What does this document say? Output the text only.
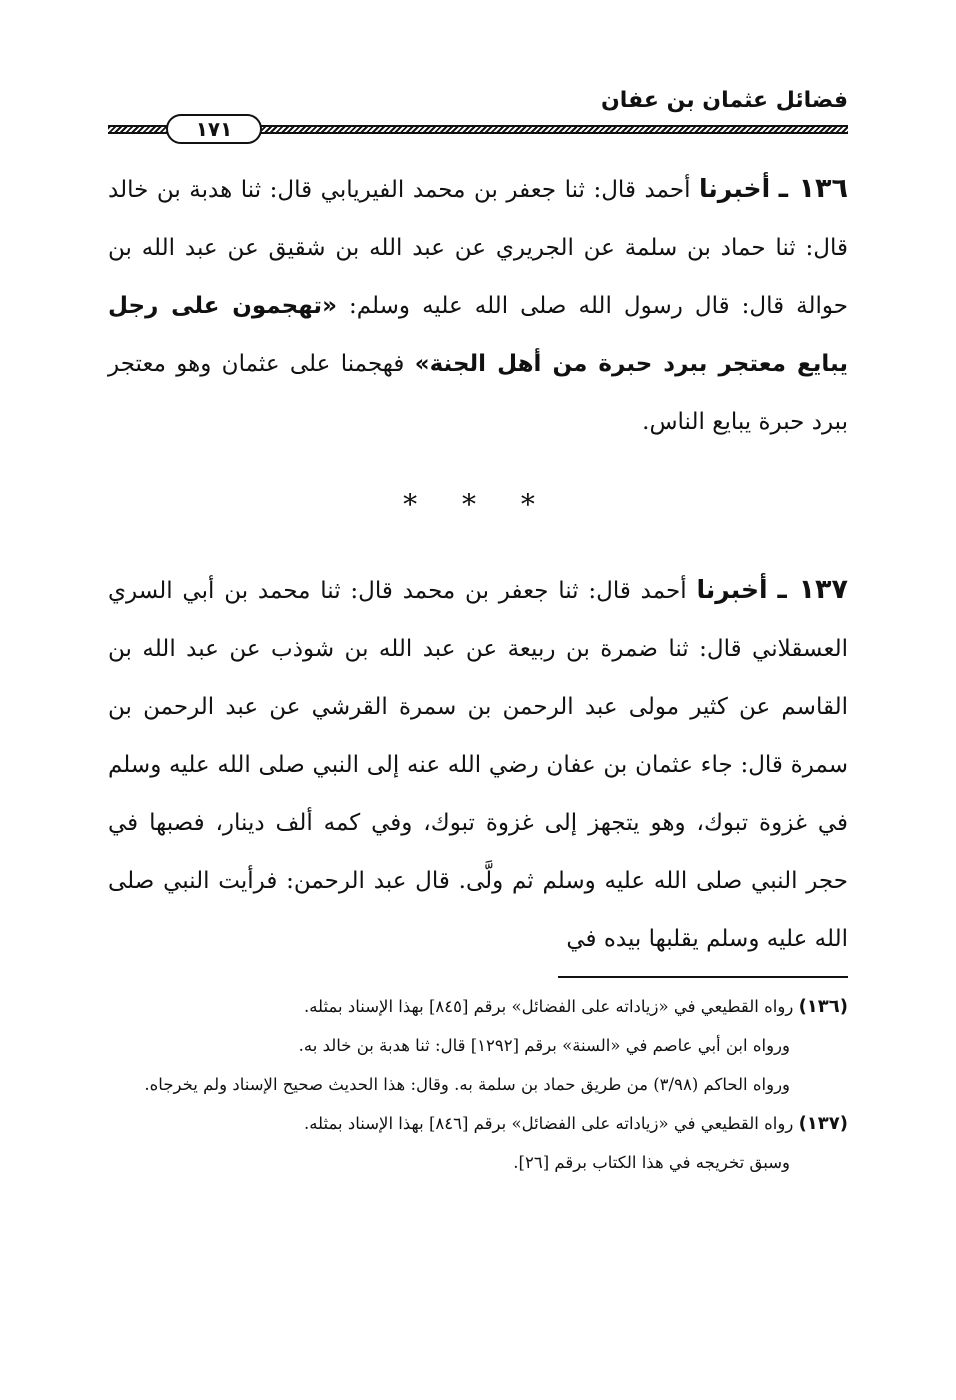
فضائل عثمان بن عفان
١٧١

١٣٦ ـ أخبرنا أحمد قال: ثنا جعفر بن محمد الفيريابي قال: ثنا هدبة بن خالد قال: ثنا حماد بن سلمة عن الجريري عن عبد الله بن شقيق عن عبد الله بن حوالة قال: قال رسول الله صلى الله عليه وسلم: «تهجمون على رجل يبايع معتجر ببرد حبرة من أهل الجنة» فهجمنا على عثمان وهو معتجر ببرد حبرة يبايع الناس.

* * *

١٣٧ ـ أخبرنا أحمد قال: ثنا جعفر بن محمد قال: ثنا محمد بن أبي السري العسقلاني قال: ثنا ضمرة بن ربيعة عن عبد الله بن شوذب عن عبد الله بن القاسم عن كثير مولى عبد الرحمن بن سمرة القرشي عن عبد الرحمن بن سمرة قال: جاء عثمان بن عفان رضي الله عنه إلى النبي صلى الله عليه وسلم في غزوة تبوك، وهو يتجهز إلى غزوة تبوك، وفي كمه ألف دينار، فصبها في حجر النبي صلى الله عليه وسلم ثم ولَّى. قال عبد الرحمن: فرأيت النبي صلى الله عليه وسلم يقلبها بيده في

(١٣٦) رواه القطيعي في «زياداته على الفضائل» برقم [٨٤٥] بهذا الإسناد بمثله.

ورواه ابن أبي عاصم في «السنة» برقم [١٢٩٢] قال: ثنا هدبة بن خالد به.

ورواه الحاكم (٣/٩٨) من طريق حماد بن سلمة به. وقال: هذا الحديث صحيح الإسناد ولم يخرجاه.

(١٣٧) رواه القطيعي في «زياداته على الفضائل» برقم [٨٤٦] بهذا الإسناد بمثله.

وسبق تخريجه في هذا الكتاب برقم [٢٦].
